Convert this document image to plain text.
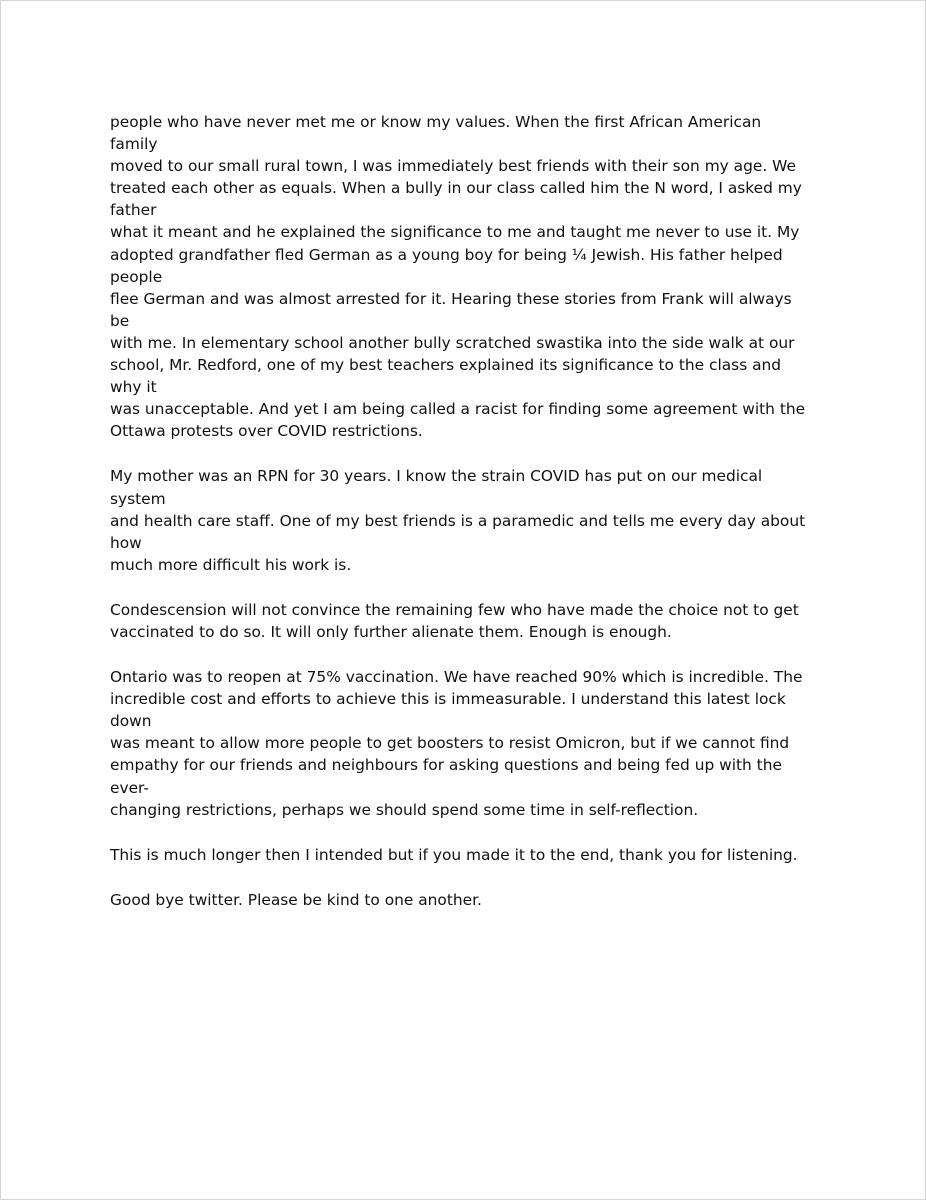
people who have never met me or know my values. When the first African American family
moved to our small rural town, I was immediately best friends with their son my age. We
treated each other as equals. When a bully in our class called him the N word, I asked my father
what it meant and he explained the significance to me and taught me never to use it. My
adopted grandfather fled German as a young boy for being ¼ Jewish. His father helped people
flee German and was almost arrested for it. Hearing these stories from Frank will always be
with me. In elementary school another bully scratched swastika into the side walk at our
school, Mr. Redford, one of my best teachers explained its significance to the class and why it
was unacceptable. And yet I am being called a racist for finding some agreement with the
Ottawa protests over COVID restrictions.

My mother was an RPN for 30 years. I know the strain COVID has put on our medical system
and health care staff. One of my best friends is a paramedic and tells me every day about how
much more difficult his work is.

Condescension will not convince the remaining few who have made the choice not to get
vaccinated to do so. It will only further alienate them. Enough is enough.

Ontario was to reopen at 75% vaccination. We have reached 90% which is incredible. The
incredible cost and efforts to achieve this is immeasurable. I understand this latest lock down
was meant to allow more people to get boosters to resist Omicron, but if we cannot find
empathy for our friends and neighbours for asking questions and being fed up with the ever-
changing restrictions, perhaps we should spend some time in self-reflection.

This is much longer then I intended but if you made it to the end, thank you for listening.

Good bye twitter. Please be kind to one another.
